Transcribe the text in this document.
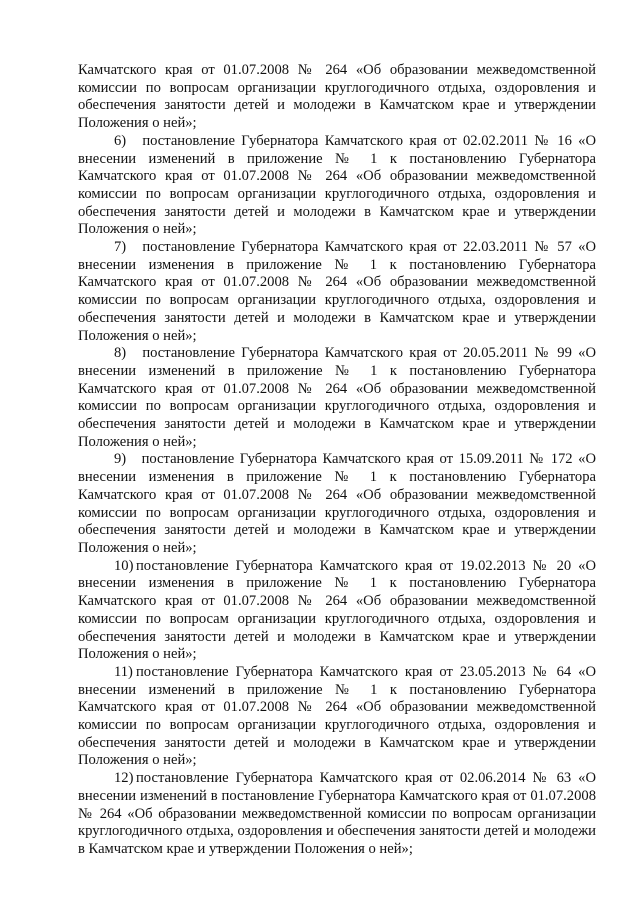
Камчатского края от 01.07.2008 № 264 «Об образовании межведомственной комиссии по вопросам организации круглогодичного отдыха, оздоровления и обеспечения занятости детей и молодежи в Камчатском крае и утверждении Положения о ней»;

6) постановление Губернатора Камчатского края от 02.02.2011 № 16 «О внесении изменений в приложение № 1 к постановлению Губернатора Камчатского края от 01.07.2008 № 264 «Об образовании межведомственной комиссии по вопросам организации круглогодичного отдыха, оздоровления и обеспечения занятости детей и молодежи в Камчатском крае и утверждении Положения о ней»;

7) постановление Губернатора Камчатского края от 22.03.2011 № 57 «О внесении изменения в приложение № 1 к постановлению Губернатора Камчатского края от 01.07.2008 № 264 «Об образовании межведомственной комиссии по вопросам организации круглогодичного отдыха, оздоровления и обеспечения занятости детей и молодежи в Камчатском крае и утверждении Положения о ней»;

8) постановление Губернатора Камчатского края от 20.05.2011 № 99 «О внесении изменений в приложение № 1 к постановлению Губернатора Камчатского края от 01.07.2008 № 264 «Об образовании межведомственной комиссии по вопросам организации круглогодичного отдыха, оздоровления и обеспечения занятости детей и молодежи в Камчатском крае и утверждении Положения о ней»;

9) постановление Губернатора Камчатского края от 15.09.2011 № 172 «О внесении изменения в приложение № 1 к постановлению Губернатора Камчатского края от 01.07.2008 № 264 «Об образовании межведомственной комиссии по вопросам организации круглогодичного отдыха, оздоровления и обеспечения занятости детей и молодежи в Камчатском крае и утверждении Положения о ней»;

10) постановление Губернатора Камчатского края от 19.02.2013 № 20 «О внесении изменения в приложение № 1 к постановлению Губернатора Камчатского края от 01.07.2008 № 264 «Об образовании межведомственной комиссии по вопросам организации круглогодичного отдыха, оздоровления и обеспечения занятости детей и молодежи в Камчатском крае и утверждении Положения о ней»;

11) постановление Губернатора Камчатского края от 23.05.2013 № 64 «О внесении изменений в приложение № 1 к постановлению Губернатора Камчатского края от 01.07.2008 № 264 «Об образовании межведомственной комиссии по вопросам организации круглогодичного отдыха, оздоровления и обеспечения занятости детей и молодежи в Камчатском крае и утверждении Положения о ней»;

12) постановление Губернатора Камчатского края от 02.06.2014 № 63 «О внесении изменений в постановление Губернатора Камчатского края от 01.07.2008 № 264 «Об образовании межведомственной комиссии по вопросам организации круглогодичного отдыха, оздоровления и обеспечения занятости детей и молодежи в Камчатском крае и утверждении Положения о ней»;
